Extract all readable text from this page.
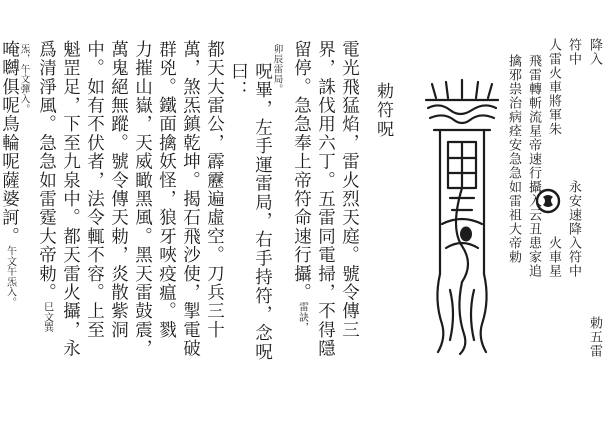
降入
符中
人雷火車將軍朱
永安速降入符中
火車星
飛雷轉斬流星帝速行攝入云丑患家追
擒邪祟治病痊安急急如雷祖大帝勅
勅五雷
勅符呪
電光飛猛焰，雷火烈天庭。號令傳三
界，誅伐用六丁。五雷同電掃，不得隱
留停。急急奉上帝符命速行攝。雷訣，
卯辰雷局。
呪畢，左手運雷局，右手持符，念呪
曰：
都天大雷公，霹靂遍虛空。刀兵三十
萬，煞炁鎮乾坤。揭石飛沙使，掣電破
群兇。鐵面擒妖怪，狼牙唊疫瘟。戮
力摧山嶽，天威瞰黑風。黑天雷鼓震，
萬鬼絕無蹤。號令傳天勅，炎散紫洞
中。如有不伏者，法令輒不容。上至
魁罡足，下至九泉中。都天雷火攝，永
爲清淨風。急急如雷霆大帝勅。巳文巽
炁，午文彈入。
唵嚩俱呢鳥輪呢薩婆訶。午文午炁入。
